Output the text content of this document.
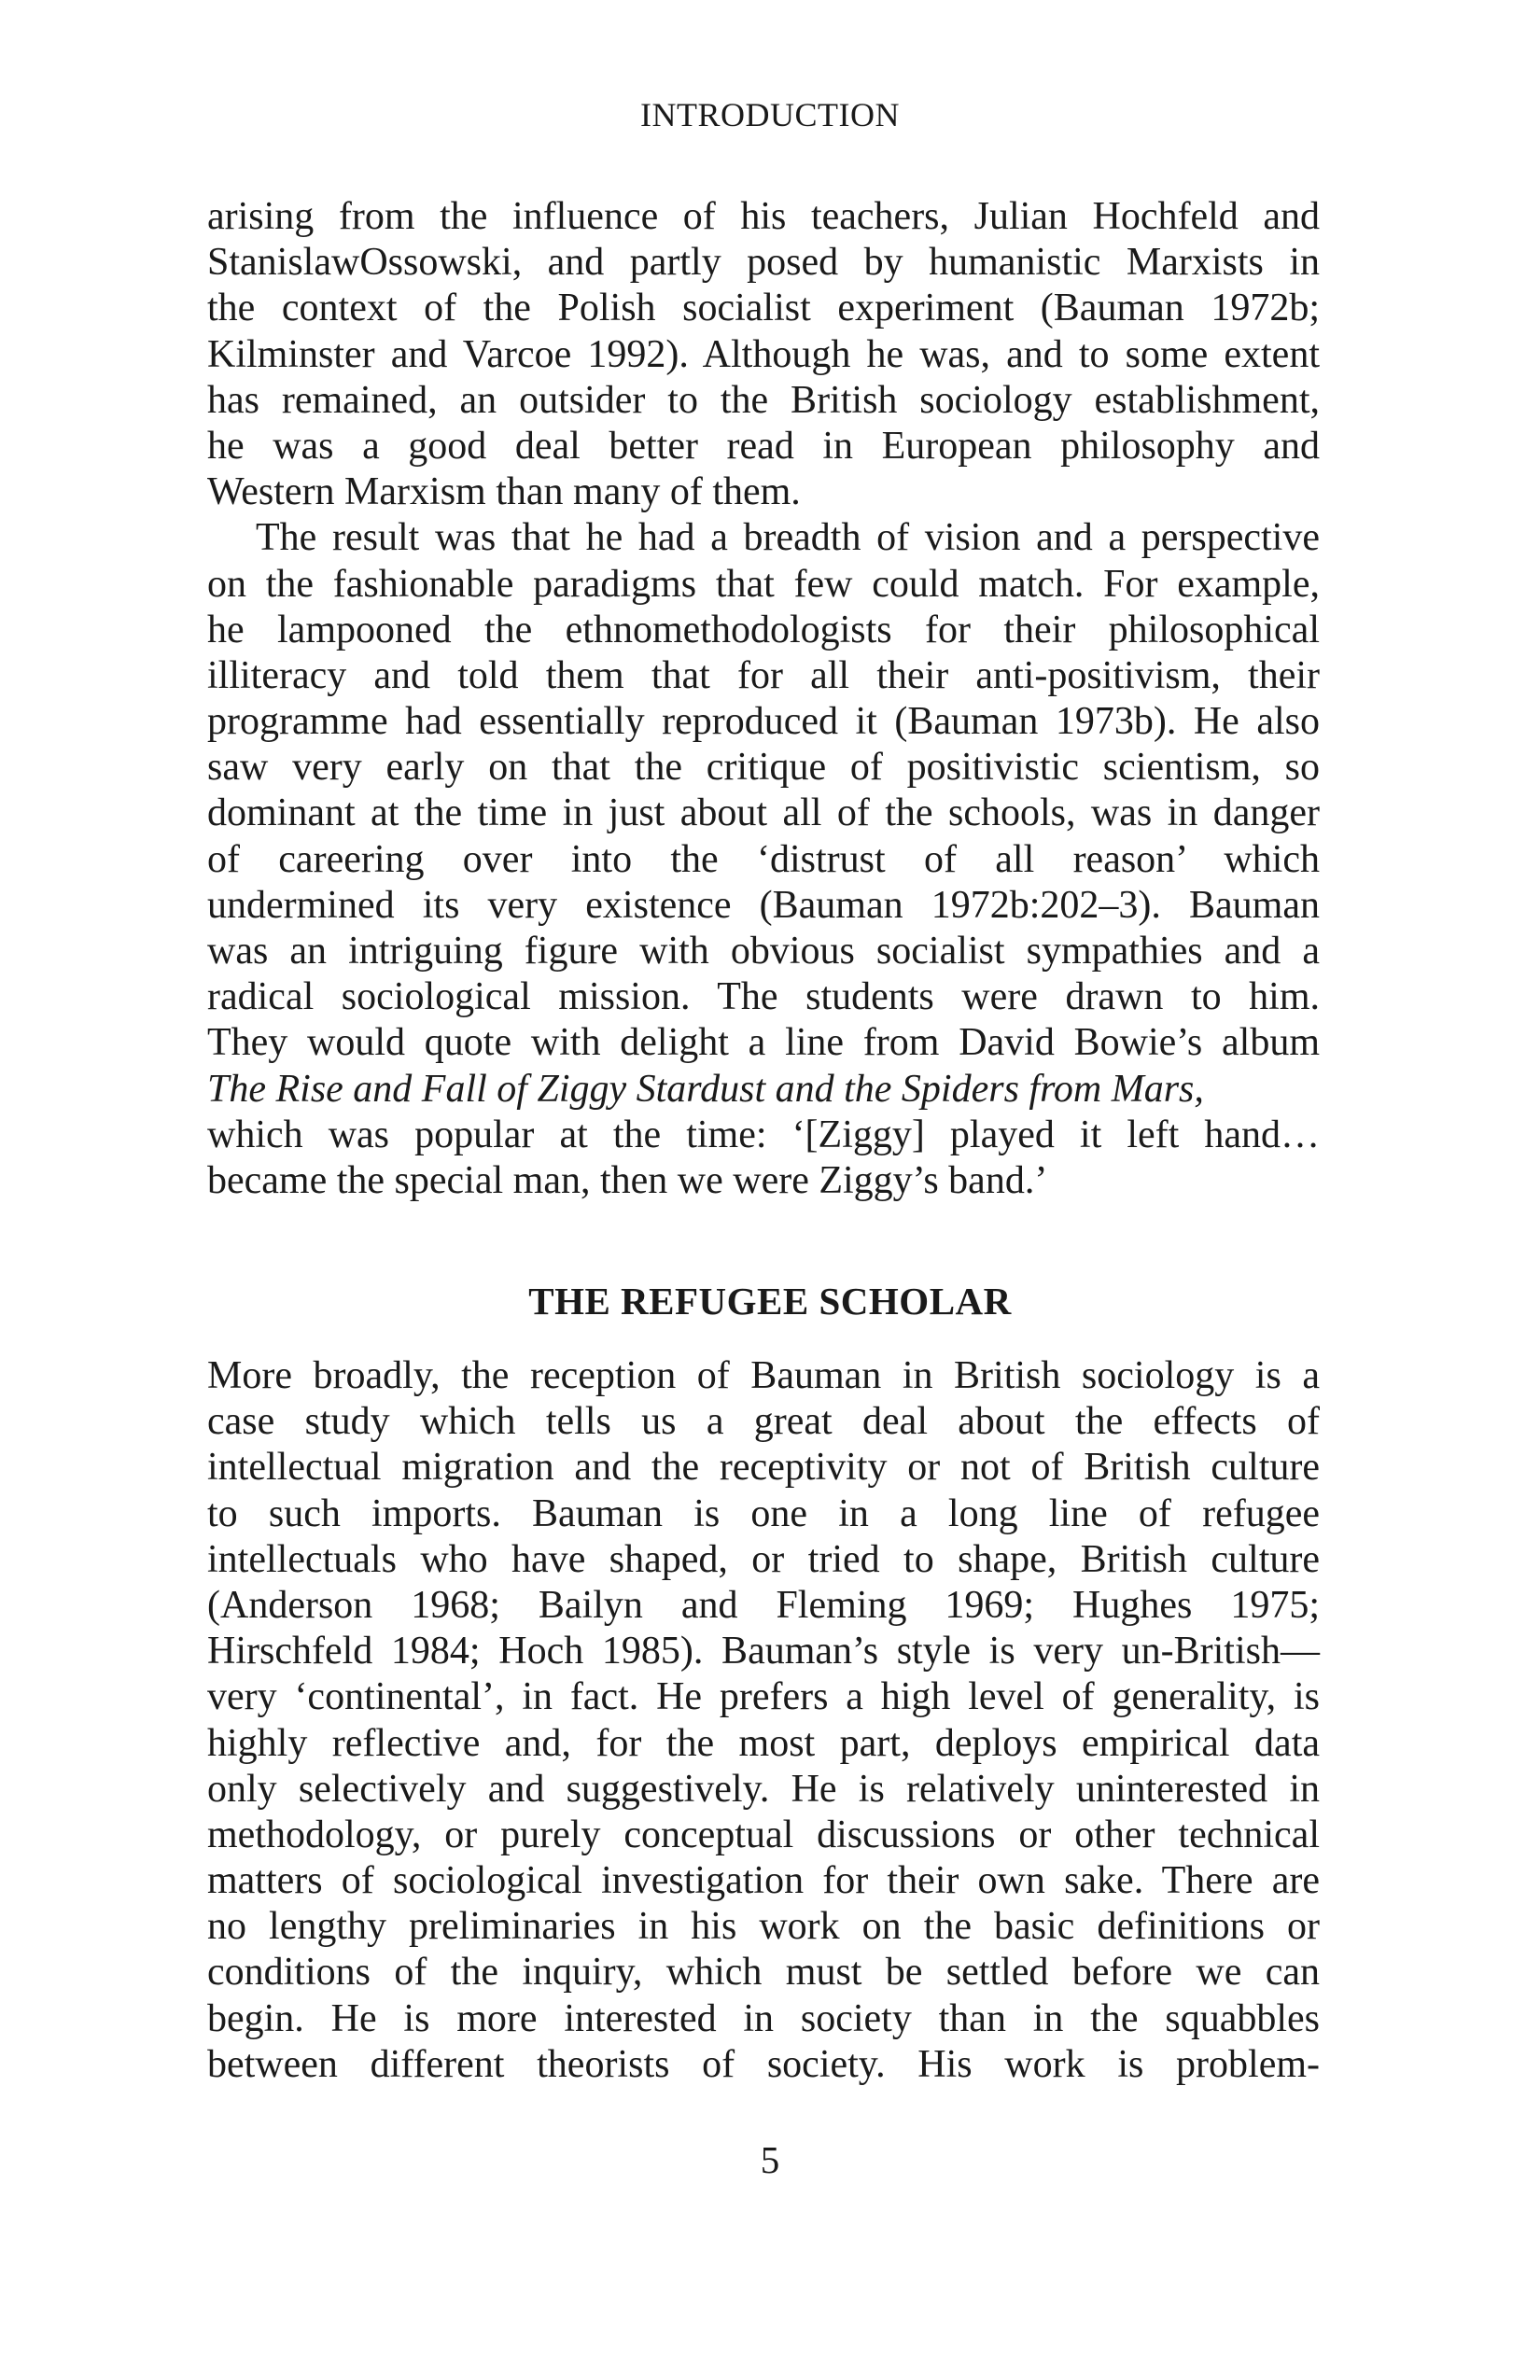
INTRODUCTION
arising from the influence of his teachers, Julian Hochfeld and
StanislawOssowski, and partly posed by humanistic Marxists in
the context of the Polish socialist experiment (Bauman 1972b;
Kilminster and Varcoe 1992). Although he was, and to some extent
has remained, an outsider to the British sociology establishment,
he was a good deal better read in European philosophy and
Western Marxism than many of them.
The result was that he had a breadth of vision and a perspective
on the fashionable paradigms that few could match. For example,
he lampooned the ethnomethodologists for their philosophical
illiteracy and told them that for all their anti-positivism, their
programme had essentially reproduced it (Bauman 1973b). He also
saw very early on that the critique of positivistic scientism, so
dominant at the time in just about all of the schools, was in danger
of careering over into the ‘distrust of all reason’ which
undermined its very existence (Bauman 1972b:202–3). Bauman
was an intriguing figure with obvious socialist sympathies and a
radical sociological mission. The students were drawn to him.
They would quote with delight a line from David Bowie’s album
The Rise and Fall of Ziggy Stardust and the Spiders from Mars,
which was popular at the time: ‘[Ziggy] played it left hand…
became the special man, then we were Ziggy’s band.’
THE REFUGEE SCHOLAR
More broadly, the reception of Bauman in British sociology is a
case study which tells us a great deal about the effects of
intellectual migration and the receptivity or not of British culture
to such imports. Bauman is one in a long line of refugee
intellectuals who have shaped, or tried to shape, British culture
(Anderson 1968; Bailyn and Fleming 1969; Hughes 1975;
Hirschfeld 1984; Hoch 1985). Bauman’s style is very un-British—
very ‘continental’, in fact. He prefers a high level of generality, is
highly reflective and, for the most part, deploys empirical data
only selectively and suggestively. He is relatively uninterested in
methodology, or purely conceptual discussions or other technical
matters of sociological investigation for their own sake. There are
no lengthy preliminaries in his work on the basic definitions or
conditions of the inquiry, which must be settled before we can
begin. He is more interested in society than in the squabbles
between different theorists of society. His work is problem-
5
